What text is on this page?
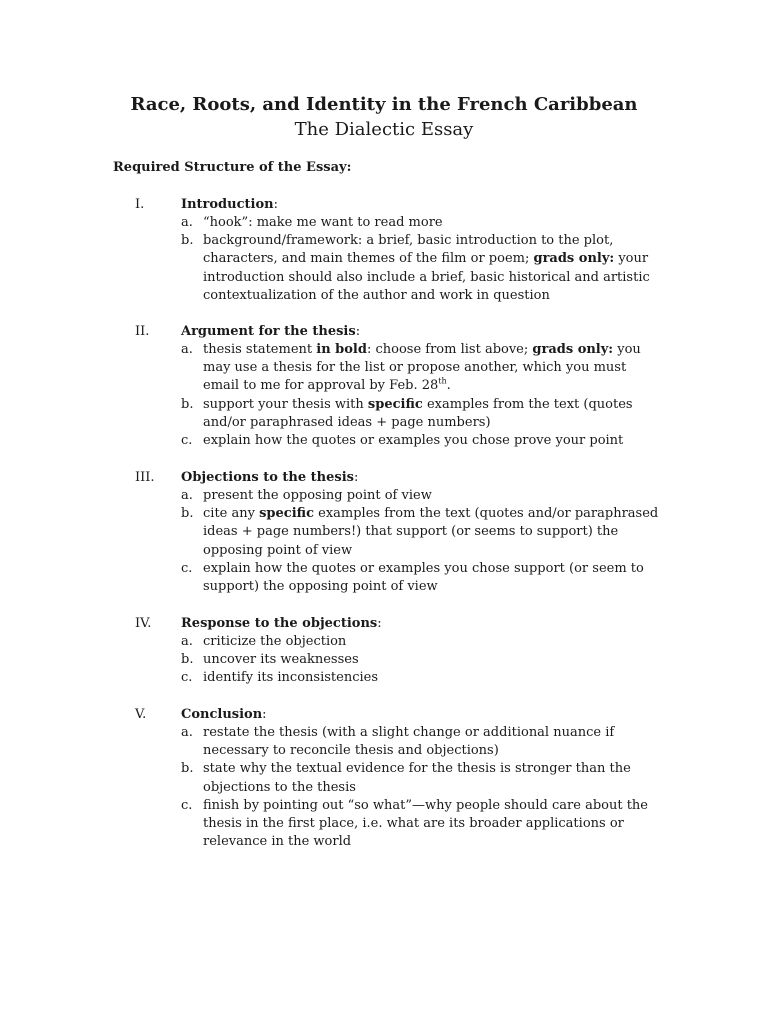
Race, Roots, and Identity in the French Caribbean
The Dialectic Essay
Required Structure of the Essay:
I.	Introduction:
a. “hook”: make me want to read more
b. background/framework: a brief, basic introduction to the plot, characters, and main themes of the film or poem; grads only: your introduction should also include a brief, basic historical and artistic contextualization of the author and work in question
II. Argument for the thesis:
a. thesis statement in bold: choose from list above; grads only: you may use a thesis for the list or propose another, which you must email to me for approval by Feb. 28th.
b. support your thesis with specific examples from the text (quotes and/or paraphrased ideas + page numbers)
c. explain how the quotes or examples you chose prove your point
III. Objections to the thesis:
a. present the opposing point of view
b. cite any specific examples from the text (quotes and/or paraphrased ideas + page numbers!) that support (or seems to support) the opposing point of view
c. explain how the quotes or examples you chose support (or seem to support) the opposing point of view
IV. Response to the objections:
a. criticize the objection
b. uncover its weaknesses
c. identify its inconsistencies
V.	Conclusion:
a. restate the thesis (with a slight change or additional nuance if necessary to reconcile thesis and objections)
b. state why the textual evidence for the thesis is stronger than the objections to the thesis
c. finish by pointing out “so what”—why people should care about the thesis in the first place, i.e. what are its broader applications or relevance in the world
